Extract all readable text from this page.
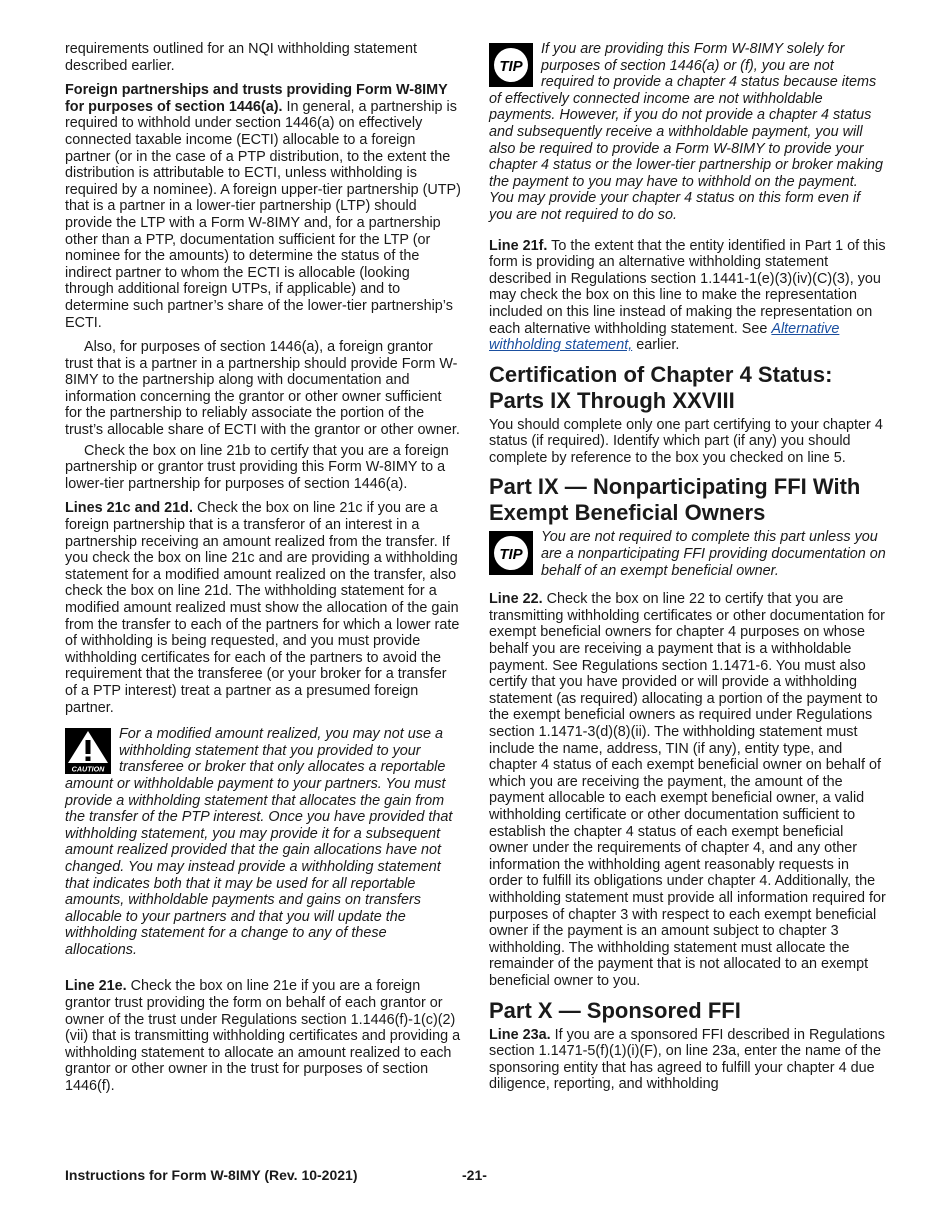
requirements outlined for an NQI withholding statement described earlier.

Foreign partnerships and trusts providing Form W-8IMY for purposes of section 1446(a). In general, a partnership is required to withhold under section 1446(a) on effectively connected taxable income (ECTI) allocable to a foreign partner (or in the case of a PTP distribution, to the extent the distribution is attributable to ECTI, unless withholding is required by a nominee). A foreign upper-tier partnership (UTP) that is a partner in a lower-tier partnership (LTP) should provide the LTP with a Form W-8IMY and, for a partnership other than a PTP, documentation sufficient for the LTP (or nominee for the amounts) to determine the status of the indirect partner to whom the ECTI is allocable (looking through additional foreign UTPs, if applicable) and to determine such partner’s share of the lower-tier partnership’s ECTI.

Also, for purposes of section 1446(a), a foreign grantor trust that is a partner in a partnership should provide Form W-8IMY to the partnership along with documentation and information concerning the grantor or other owner sufficient for the partnership to reliably associate the portion of the trust’s allocable share of ECTI with the grantor or other owner.

Check the box on line 21b to certify that you are a foreign partnership or grantor trust providing this Form W-8IMY to a lower-tier partnership for purposes of section 1446(a).

Lines 21c and 21d. Check the box on line 21c if you are a foreign partnership that is a transferor of an interest in a partnership receiving an amount realized from the transfer. If you check the box on line 21c and are providing a withholding statement for a modified amount realized on the transfer, also check the box on line 21d. The withholding statement for a modified amount realized must show the allocation of the gain from the transfer to each of the partners for which a lower rate of withholding is being requested, and you must provide withholding certificates for each of the partners to avoid the requirement that the transferee (or your broker for a transfer of a PTP interest) treat a partner as a presumed foreign partner.

CAUTION
For a modified amount realized, you may not use a withholding statement that you provided to your transferee or broker that only allocates a reportable amount or withholdable payment to your partners. You must provide a withholding statement that allocates the gain from the transfer of the PTP interest. Once you have provided that withholding statement, you may provide it for a subsequent amount realized provided that the gain allocations have not changed. You may instead provide a withholding statement that indicates both that it may be used for all reportable amounts, withholdable payments and gains on transfers allocable to your partners and that you will update the withholding statement for a change to any of these allocations.

Line 21e. Check the box on line 21e if you are a foreign grantor trust providing the form on behalf of each grantor or owner of the trust under Regulations section 1.1446(f)-1(c)(2)(vii) that is transmitting withholding certificates and providing a withholding statement to allocate an amount realized to each grantor or other owner in the trust for purposes of section 1446(f).

TIP
If you are providing this Form W-8IMY solely for purposes of section 1446(a) or (f), you are not required to provide a chapter 4 status because items of effectively connected income are not withholdable payments. However, if you do not provide a chapter 4 status and subsequently receive a withholdable payment, you will also be required to provide a Form W-8IMY to provide your chapter 4 status or the lower-tier partnership or broker making the payment to you may have to withhold on the payment. You may provide your chapter 4 status on this form even if you are not required to do so.

Line 21f. To the extent that the entity identified in Part 1 of this form is providing an alternative withholding statement described in Regulations section 1.1441-1(e)(3)(iv)(C)(3), you may check the box on this line to make the representation included on this line instead of making the representation on each alternative withholding statement. See Alternative withholding statement, earlier.

Certification of Chapter 4 Status: Parts IX Through XXVIII

You should complete only one part certifying to your chapter 4 status (if required). Identify which part (if any) you should complete by reference to the box you checked on line 5.

Part IX — Nonparticipating FFI With Exempt Beneficial Owners
TIP
You are not required to complete this part unless you are a nonparticipating FFI providing documentation on behalf of an exempt beneficial owner.

Line 22. Check the box on line 22 to certify that you are transmitting withholding certificates or other documentation for exempt beneficial owners for chapter 4 purposes on whose behalf you are receiving a payment that is a withholdable payment. See Regulations section 1.1471-6. You must also certify that you have provided or will provide a withholding statement (as required) allocating a portion of the payment to the exempt beneficial owners as required under Regulations section 1.1471-3(d)(8)(ii). The withholding statement must include the name, address, TIN (if any), entity type, and chapter 4 status of each exempt beneficial owner on behalf of which you are receiving the payment, the amount of the payment allocable to each exempt beneficial owner, a valid withholding certificate or other documentation sufficient to establish the chapter 4 status of each exempt beneficial owner under the requirements of chapter 4, and any other information the withholding agent reasonably requests in order to fulfill its obligations under chapter 4. Additionally, the withholding statement must provide all information required for purposes of chapter 3 with respect to each exempt beneficial owner if the payment is an amount subject to chapter 3 withholding. The withholding statement must allocate the remainder of the payment that is not allocated to an exempt beneficial owner to you.

Part X — Sponsored FFI

Line 23a. If you are a sponsored FFI described in Regulations section 1.1471-5(f)(1)(i)(F), on line 23a, enter the name of the sponsoring entity that has agreed to fulfill your chapter 4 due diligence, reporting, and withholding

Instructions for Form W-8IMY (Rev. 10-2021)	-21-
